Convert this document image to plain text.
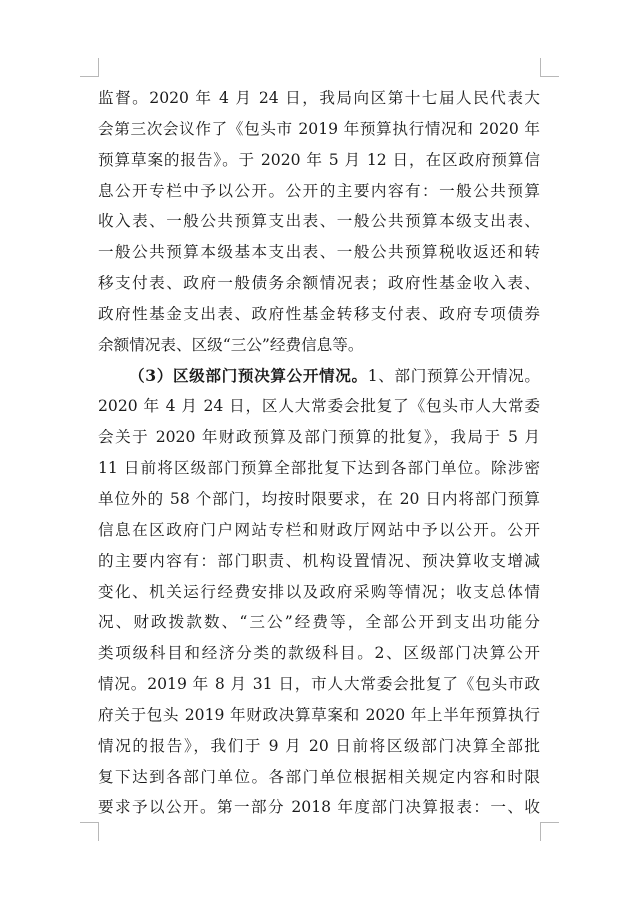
监督。2020 年 4 月 24 日，我局向区第十七届人民代表大
会第三次会议作了《包头市 2019 年预算执行情况和 2020 年
预算草案的报告》。于 2020 年 5 月 12 日，在区政府预算信
息公开专栏中予以公开。公开的主要内容有：一般公共预算
收入表、一般公共预算支出表、一般公共预算本级支出表、
一般公共预算本级基本支出表、一般公共预算税收返还和转
移支付表、政府一般债务余额情况表；政府性基金收入表、
政府性基金支出表、政府性基金转移支付表、政府专项债券
余额情况表、区级“三公”经费信息等。
（3）区级部门预决算公开情况。1、部门预算公开情况。
2020 年 4 月 24 日，区人大常委会批复了《包头市人大常委
会关于 2020 年财政预算及部门预算的批复》，我局于 5 月
11 日前将区级部门预算全部批复下达到各部门单位。除涉密
单位外的 58 个部门，均按时限要求，在 20 日内将部门预算
信息在区政府门户网站专栏和财政厅网站中予以公开。公开
的主要内容有：部门职责、机构设置情况、预决算收支增减
变化、机关运行经费安排以及政府采购等情况；收支总体情
况、财政拨款数、“三公”经费等，全部公开到支出功能分
类项级科目和经济分类的款级科目。2、区级部门决算公开
情况。2019 年 8 月 31 日，市人大常委会批复了《包头市政
府关于包头 2019 年财政决算草案和 2020 年上半年预算执行
情况的报告》，我们于 9 月 20 日前将区级部门决算全部批
复下达到各部门单位。各部门单位根据相关规定内容和时限
要求予以公开。第一部分 2018 年度部门决算报表：一、收
